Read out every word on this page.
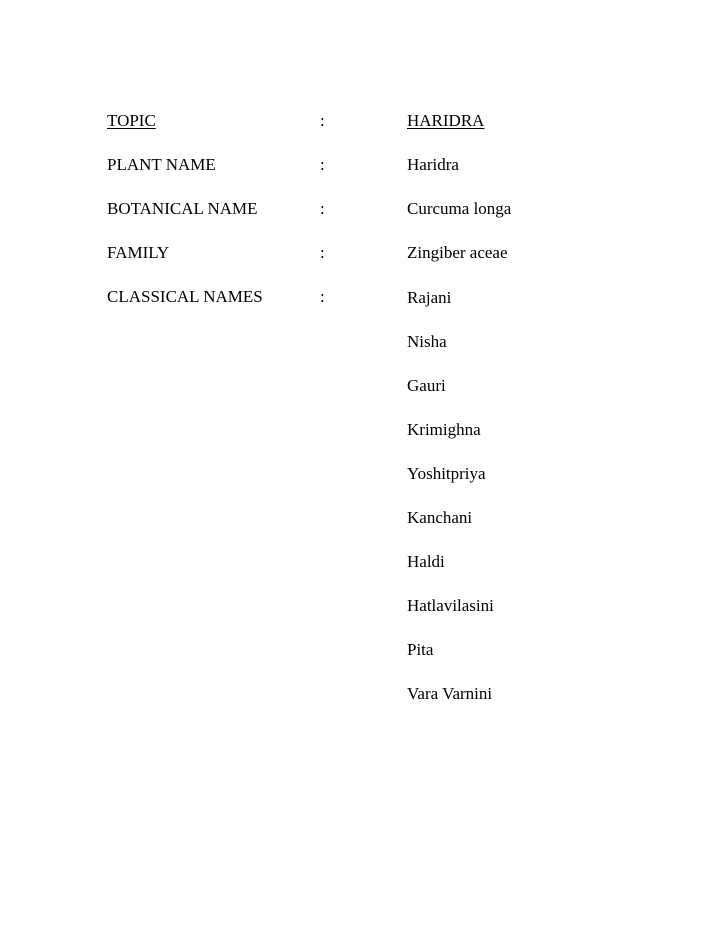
TOPIC	:	HARIDRA
PLANT NAME	:	Haridra
BOTANICAL NAME	:	Curcuma longa
FAMILY	:	Zingiber aceae
CLASSICAL NAMES	:	Rajani
Nisha
Gauri
Krimighna
Yoshitpriya
Kanchani
Haldi
Hatlavilasini
Pita
Vara Varnini
